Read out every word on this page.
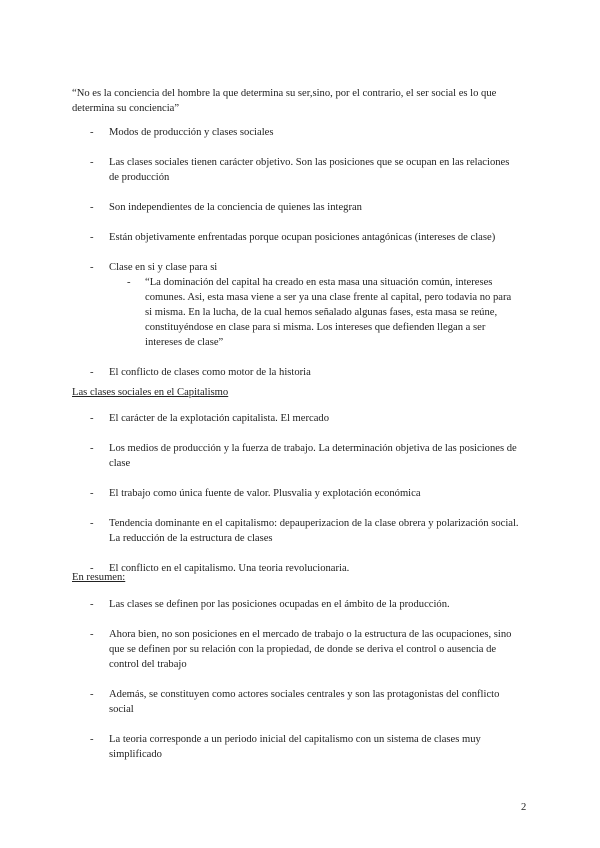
“No es la conciencia del hombre la que determina su ser,sino, por el contrario, el ser social es lo que determina su conciencia”
- Modos de producción y clases sociales
- Las clases sociales tienen carácter objetivo. Son las posiciones que se ocupan en las relaciones de producción
- Son independientes de la conciencia de quienes las integran
- Están objetivamente enfrentadas porque ocupan posiciones antagónicas (intereses de clase)
- Clase en si y clase para si
- “La dominación del capital ha creado en esta masa una situación común, intereses comunes. Asi, esta masa viene a ser ya una clase frente al capital, pero todavia no para si misma. En la lucha, de la cual hemos señalado algunas fases, esta masa se reúne, constituyéndose en clase para si misma. Los intereses que defienden llegan a ser intereses de clase”
- El conflicto de clases como motor de la historia
Las clases sociales en el Capitalismo
- El carácter de la explotación capitalista. El mercado
- Los medios de producción y la fuerza de trabajo. La determinación objetiva de las posiciones de clase
- El trabajo como única fuente de valor. Plusvalia y explotación económica
- Tendencia dominante en el capitalismo: depauperizacion de la clase obrera y polarización social. La reducción de la estructura de clases
- El conflicto en el capitalismo. Una teoria revolucionaria.
En resumen:
- Las clases se definen por las posiciones ocupadas en el ámbito de la producción.
- Ahora bien, no son posiciones en el mercado de trabajo o la estructura de las ocupaciones, sino que se definen por su relación con la propiedad, de donde se deriva el control o ausencia de control del trabajo
- Además, se constituyen como actores sociales centrales y son las protagonistas del conflicto social
- La teoria corresponde a un periodo inicial del capitalismo con un sistema de clases muy simplificado
2
